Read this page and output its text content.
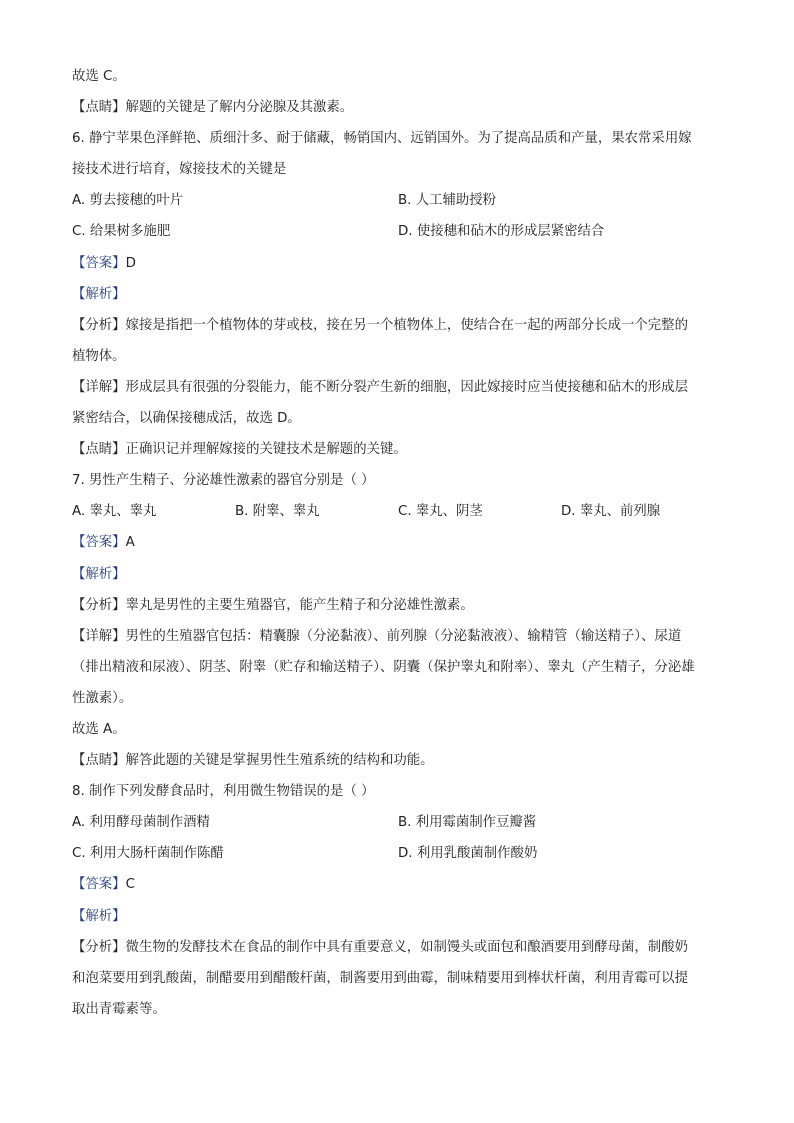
故选 C。
【点睛】解题的关键是了解内分泌腺及其激素。
6. 静宁苹果色泽鲜艳、质细汁多、耐于储藏，畅销国内、远销国外。为了提高品质和产量，果农常采用嫁
接技术进行培育，嫁接技术的关键是
A. 剪去接穗的叶片	B. 人工辅助授粉
C. 给果树多施肥	D. 使接穗和砧木的形成层紧密结合
【答案】D
【解析】
【分析】嫁接是指把一个植物体的芽或枝，接在另一个植物体上，使结合在一起的两部分长成一个完整的
植物体。
【详解】形成层具有很强的分裂能力，能不断分裂产生新的细胞，因此嫁接时应当使接穗和砧木的形成层
紧密结合，以确保接穗成活，故选 D。
【点睛】正确识记并理解嫁接的关键技术是解题的关键。
7. 男性产生精子、分泌雄性激素的器官分别是（ ）
A. 睾丸、睾丸	B. 附睾、睾丸	C. 睾丸、阴茎	D. 睾丸、前列腺
【答案】A
【解析】
【分析】睾丸是男性的主要生殖器官，能产生精子和分泌雄性激素。
【详解】男性的生殖器官包括：精囊腺（分泌黏液）、前列腺（分泌黏液液）、输精管（输送精子）、尿道
（排出精液和尿液）、阴茎、附睾（贮存和输送精子）、阴囊（保护睾丸和附率）、睾丸（产生精子，分泌雄
性激素）。
故选 A。
【点睛】解答此题的关键是掌握男性生殖系统的结构和功能。
8. 制作下列发酵食品时，利用微生物错误的是（ ）
A. 利用酵母菌制作酒精	B. 利用霉菌制作豆瓣酱
C. 利用大肠杆菌制作陈醋	D. 利用乳酸菌制作酸奶
【答案】C
【解析】
【分析】微生物的发酵技术在食品的制作中具有重要意义，如制馒头或面包和酿酒要用到酵母菌，制酸奶
和泡菜要用到乳酸菌，制醋要用到醋酸杆菌，制酱要用到曲霉，制味精要用到棒状杆菌，利用青霉可以提
取出青霉素等。
